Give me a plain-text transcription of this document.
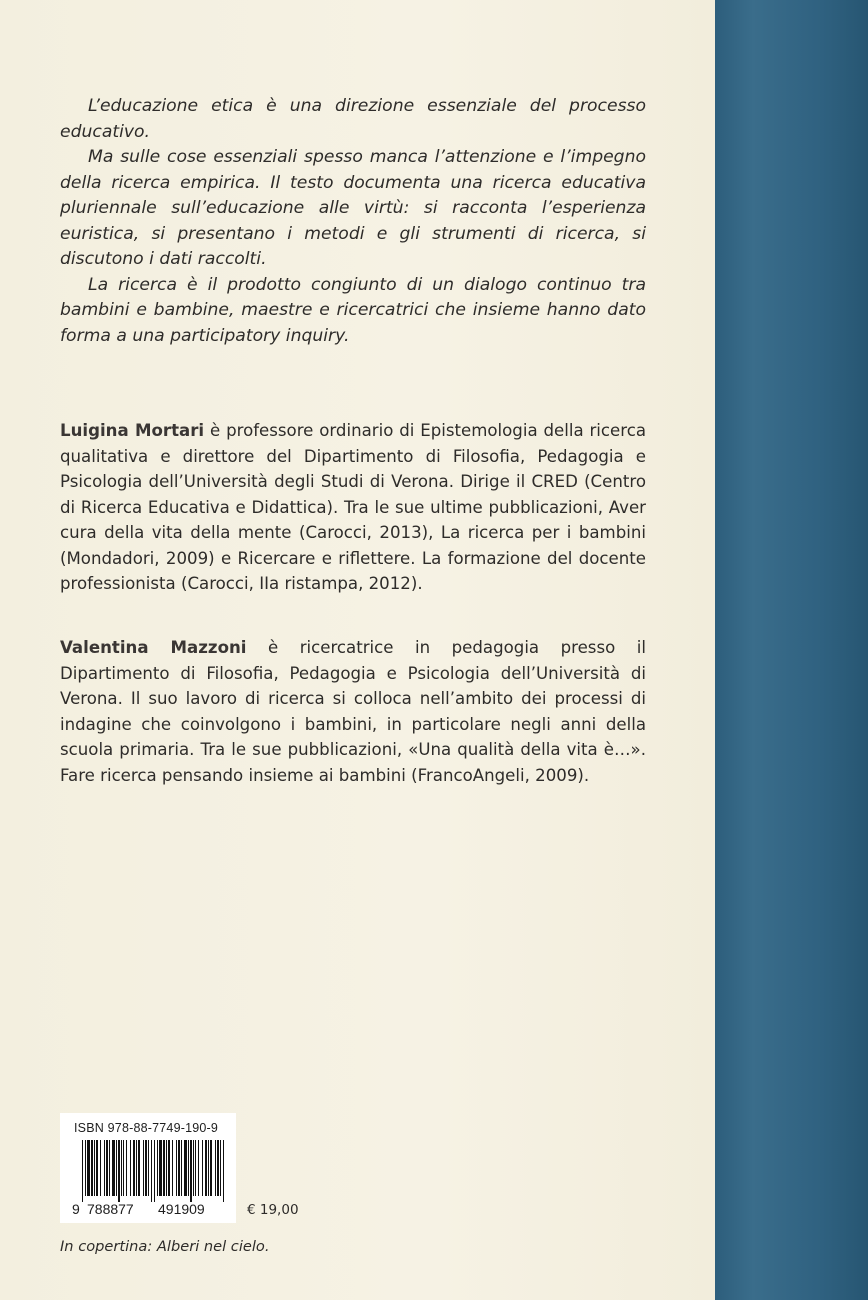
L’educazione etica è una direzione essenziale del processo educativo.

Ma sulle cose essenziali spesso manca l’attenzione e l’impegno della ricerca empirica. Il testo documenta una ricerca educativa pluriennale sull’educazione alle virtù: si racconta l’esperienza euristica, si presentano i metodi e gli strumenti di ricerca, si discutono i dati raccolti.

La ricerca è il prodotto congiunto di un dialogo continuo tra bambini e bambine, maestre e ricercatrici che insieme hanno dato forma a una participatory inquiry.

Luigina Mortari è professore ordinario di Epistemologia della ricerca qualitativa e direttore del Dipartimento di Filosofia, Pedagogia e Psicologia dell’Università degli Studi di Verona. Dirige il CRED (Centro di Ricerca Educativa e Didattica). Tra le sue ultime pubblicazioni, Aver cura della vita della mente (Carocci, 2013), La ricerca per i bambini (Mondadori, 2009) e Ricercare e riflettere. La formazione del docente professionista (Carocci, IIa ristampa, 2012).

Valentina Mazzoni è ricercatrice in pedagogia presso il Dipartimento di Filosofia, Pedagogia e Psicologia dell’Università di Verona. Il suo lavoro di ricerca si colloca nell’ambito dei processi di indagine che coinvolgono i bambini, in particolare negli anni della scuola primaria. Tra le sue pubblicazioni, «Una qualità della vita è…». Fare ricerca pensando insieme ai bambini (FrancoAngeli, 2009).

ISBN 978-88-7749-190-9
9 788877 491909	€ 19,00
In copertina: Alberi nel cielo.
